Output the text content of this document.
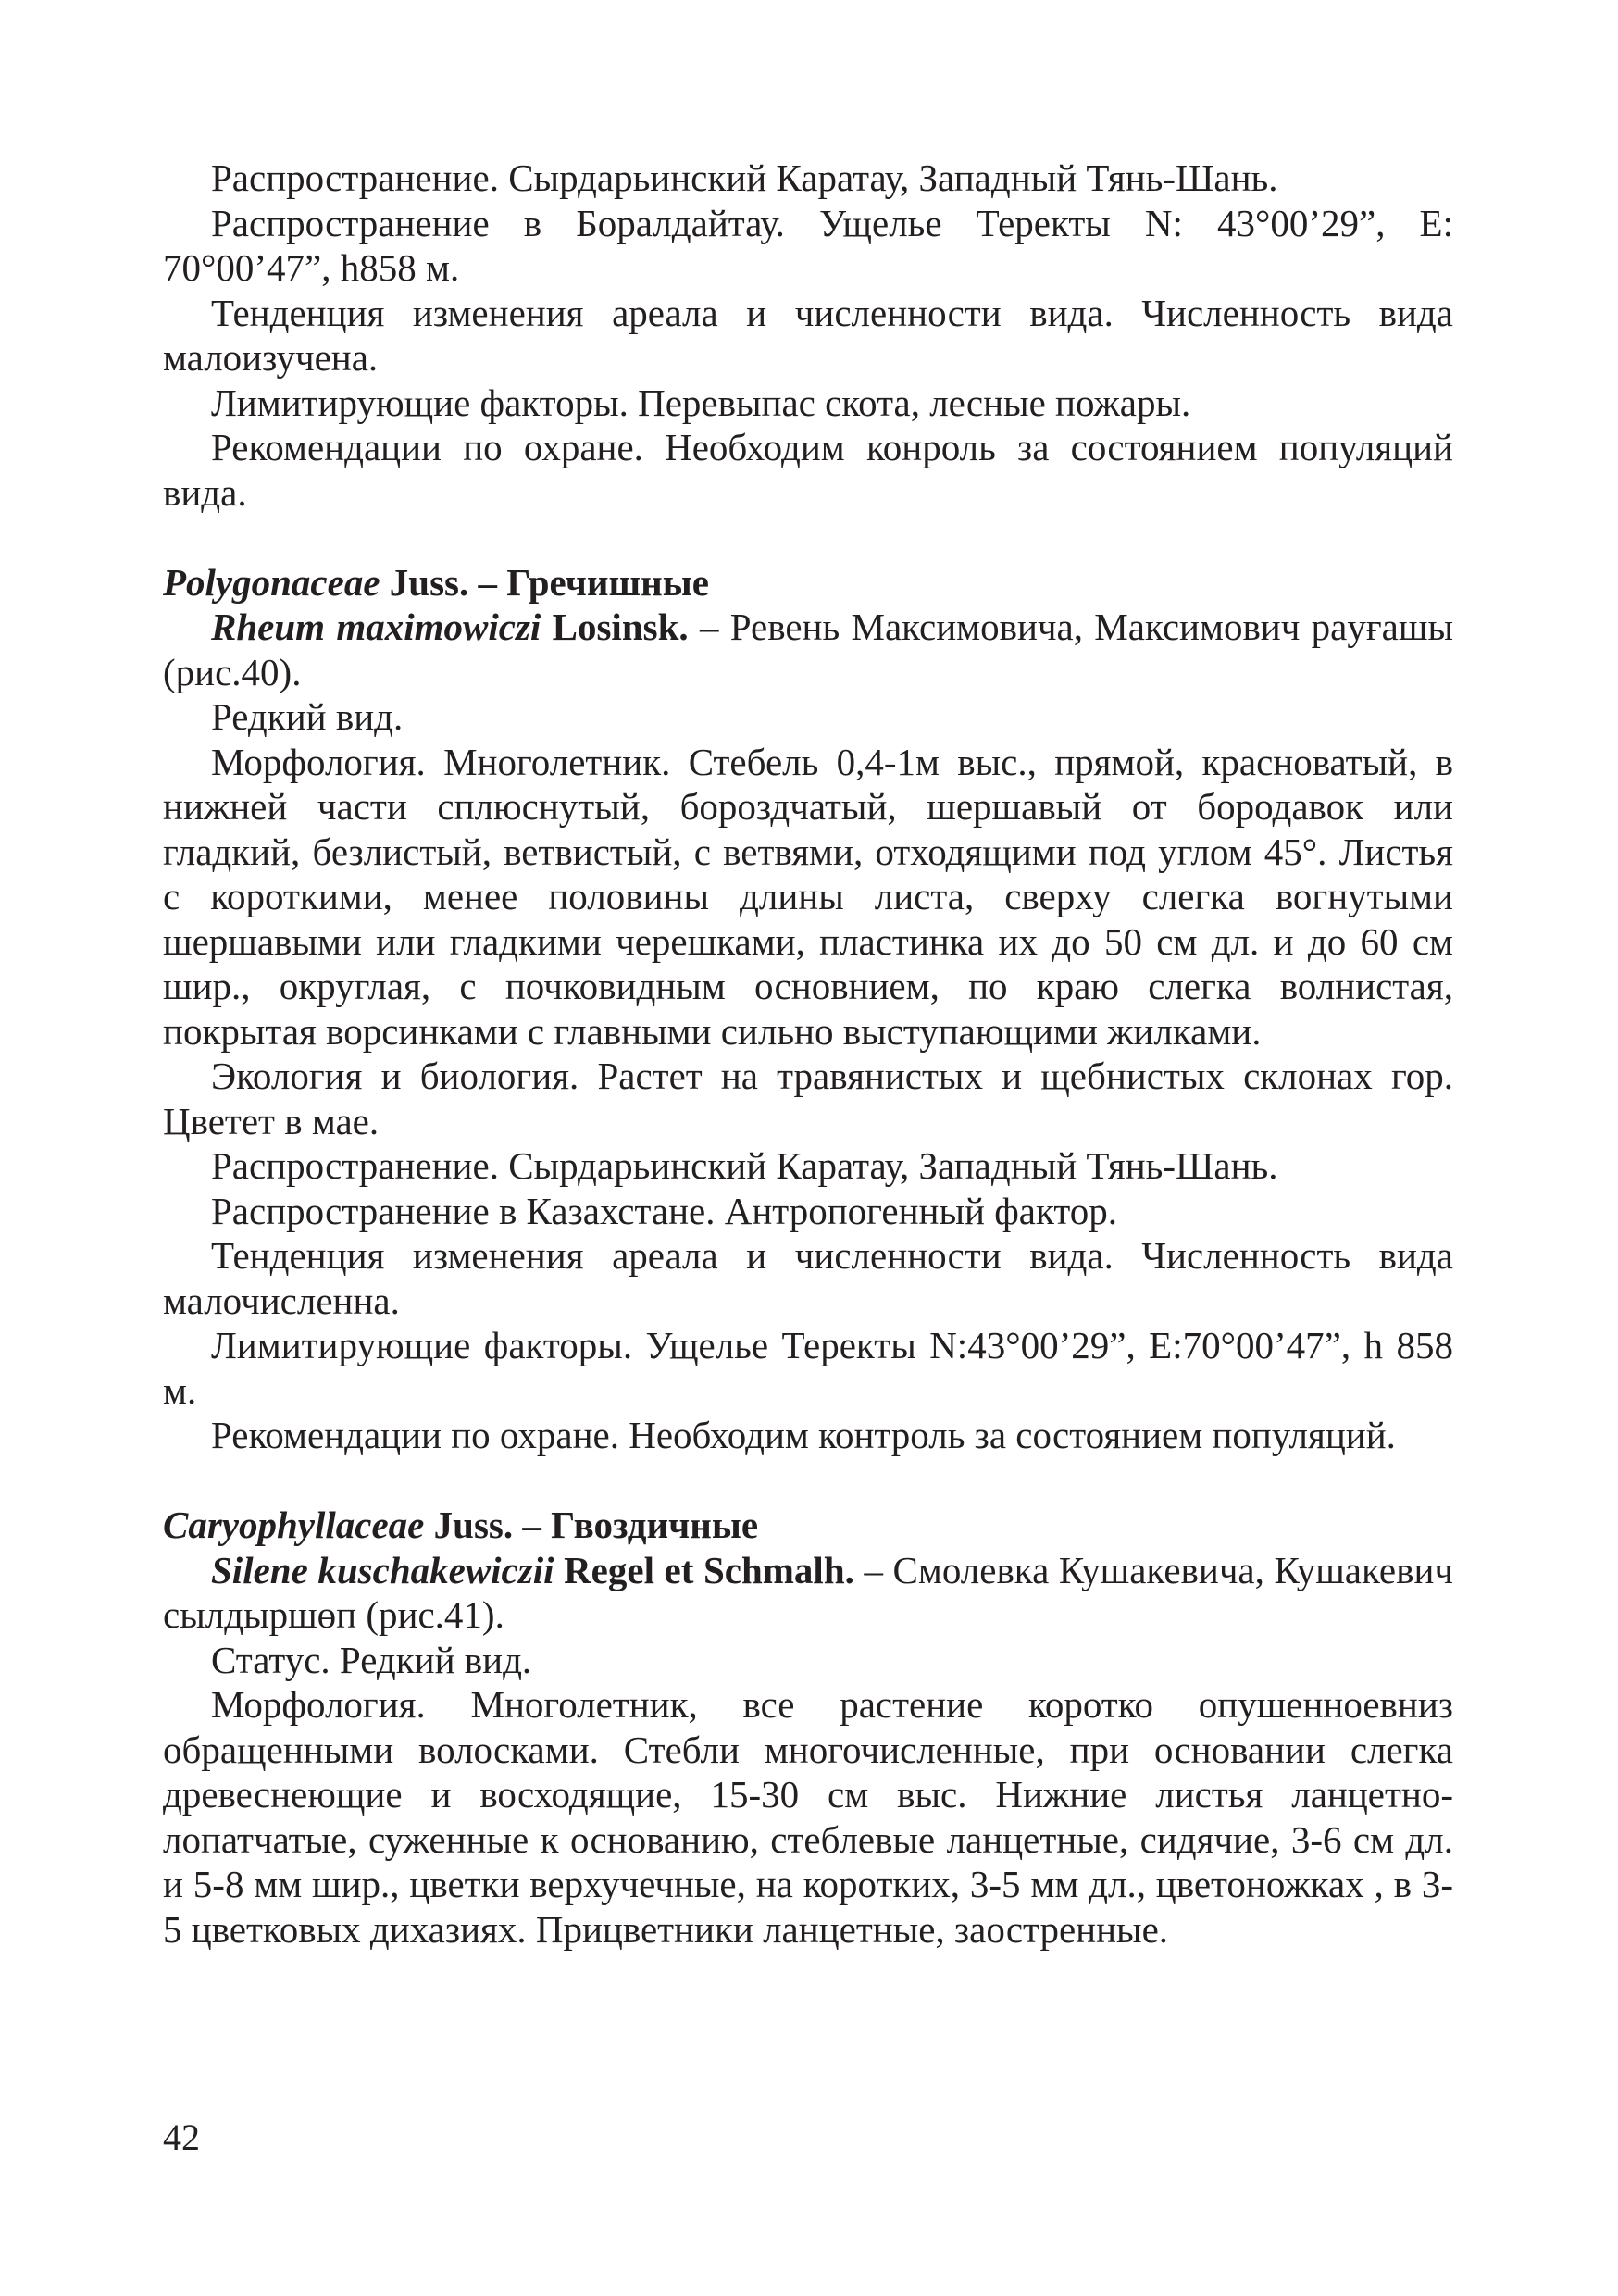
Распространение. Сырдарьинский Каратау, Западный Тянь-Шань.

Распространение в Боралдайтау. Ущелье Теректы N: 43°00’29”, E: 70°00’47”, h858 м.

Тенденция изменения ареала и численности вида. Численность вида малоизучена.

Лимитирующие факторы. Перевыпас скота, лесные пожары.

Рекомендации по охране. Необходим конроль за состоянием популяций вида.

Polygonaceae Juss. – Гречишные

Rheum maximowiczi Losinsk. – Ревень Максимовича, Максимович раyғашы (рис.40).

Редкий вид.

Морфология. Многолетник. Стебель 0,4-1м выс., прямой, красноватый, в нижней части сплюснутый, бороздчатый, шершавый от бородавок или гладкий, безлистый, ветвистый, с ветвями, отходящими под углом 45°. Листья с короткими, менее половины длины листа, сверху слегка вогнутыми шершавыми или гладкими черешками, пластинка их до 50 см дл. и до 60 см шир., округлая, с почковидным основнием, по краю слегка волнистая, покрытая ворсинками с главными сильно выступающими жилками.

Экология и биология. Растет на травянистых и щебнистых склонах гор. Цветет в мае.

Распространение. Сырдарьинский Каратау, Западный Тянь-Шань.

Распространение в Казахстане. Антропогенный фактор.

Тенденция изменения ареала и численности вида. Численность вида малочисленна.

Лимитирующие факторы. Ущелье Теректы N:43°00’29”, E:70°00’47”, h 858 м.

Рекомендации по охране. Необходим контроль за состоянием популяций.

Caryophyllaceae Juss. – Гвоздичные

Silene kuschakewiczii Regel et Schmalh. – Смолевка Кушакевича, Кушакевич сылдыршөп (рис.41).

Статус. Редкий вид.

Морфология. Многолетник, все растение коротко опушенноевниз обращенными волосками. Стебли многочисленные, при основании слегка древеснеющие и восходящие, 15-30 см выс. Нижние листья ланцетно-лопатчатые, суженные к основанию, стеблевые ланцетные, сидячие, 3-6 см дл. и 5-8 мм шир., цветки верхучечные, на коротких, 3-5 мм дл., цветоножках , в 3-5 цветковых дихазиях. Прицветники ланцетные, заостренные.

42
